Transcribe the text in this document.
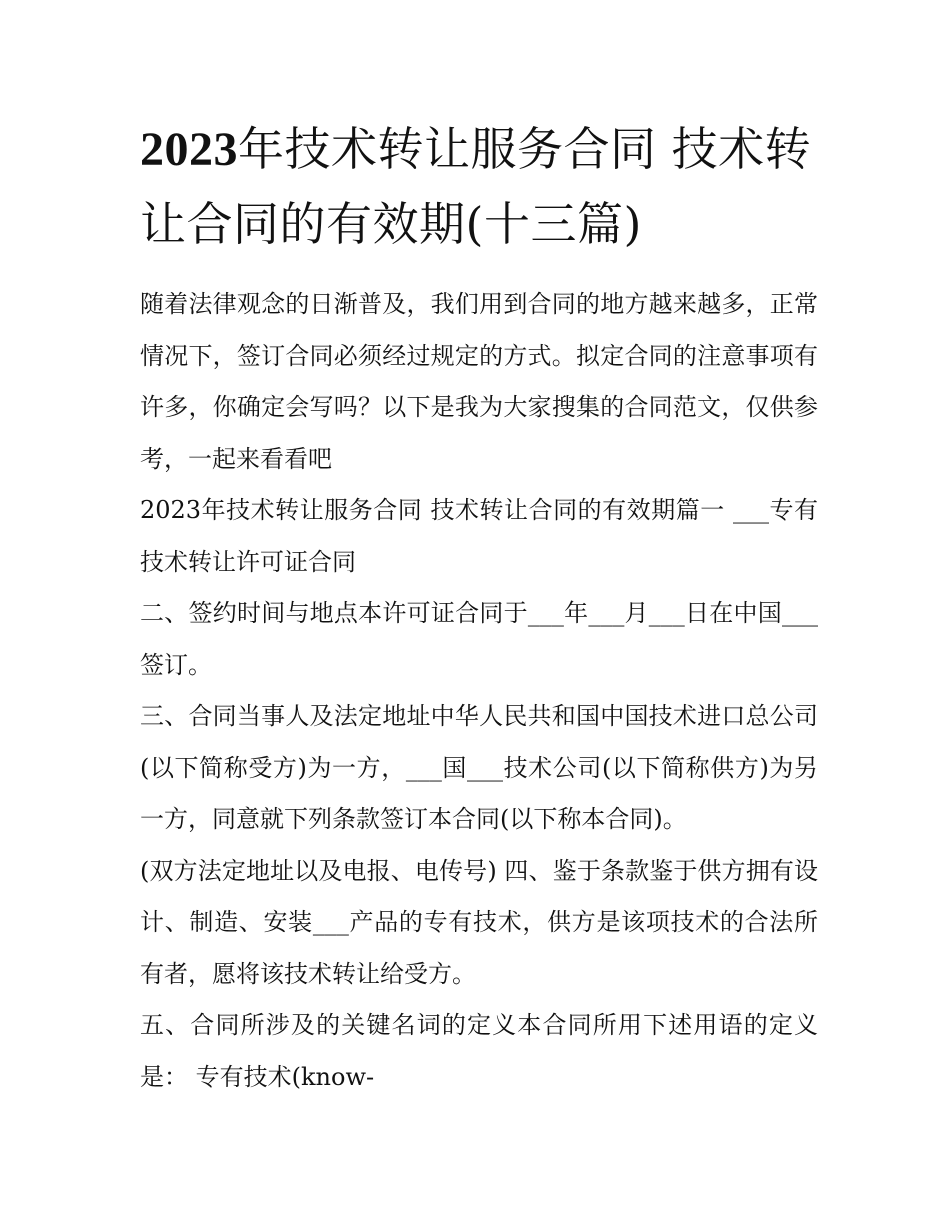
2023年技术转让服务合同 技术转让合同的有效期(十三篇)

随着法律观念的日渐普及，我们用到合同的地方越来越多，正常情况下，签订合同必须经过规定的方式。拟定合同的注意事项有许多，你确定会写吗？以下是我为大家搜集的合同范文，仅供参考，一起来看看吧

2023年技术转让服务合同 技术转让合同的有效期篇一 ___专有技术转让许可证合同

二、签约时间与地点本许可证合同于___年___月___日在中国___签订。

三、合同当事人及法定地址中华人民共和国中国技术进口总公司(以下简称受方)为一方，___国___技术公司(以下简称供方)为另一方，同意就下列条款签订本合同(以下称本合同)。

(双方法定地址以及电报、电传号) 四、鉴于条款鉴于供方拥有设计、制造、安装___产品的专有技术，供方是该项技术的合法所有者，愿将该技术转让给受方。

五、合同所涉及的关键名词的定义本合同所用下述用语的定义是： 专有技术(know-
